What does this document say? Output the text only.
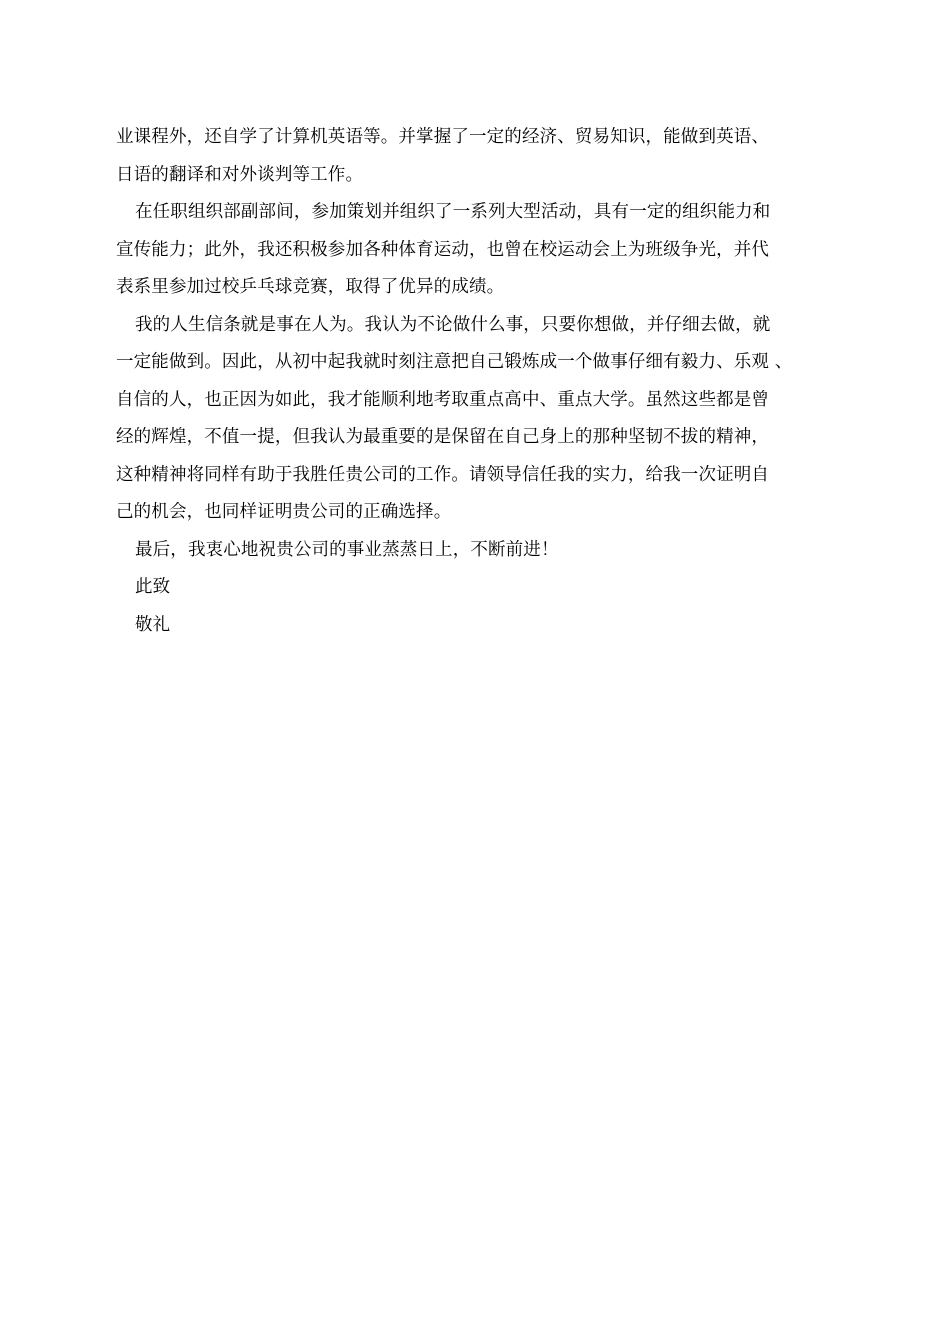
业课程外，还自学了计算机英语等。并掌握了一定的经济、贸易知识，能做到英语、
日语的翻译和对外谈判等工作。
在任职组织部副部间，参加策划并组织了一系列大型活动，具有一定的组织能力和
宣传能力；此外，我还积极参加各种体育运动，也曾在校运动会上为班级争光，并代
表系里参加过校乒乓球竞赛，取得了优异的成绩。
我的人生信条就是事在人为。我认为不论做什么事，只要你想做，并仔细去做，就
一定能做到。因此，从初中起我就时刻注意把自己锻炼成一个做事仔细有毅力、乐观 、
自信的人，也正因为如此，我才能顺利地考取重点高中、重点大学。虽然这些都是曾
经的辉煌，不值一提，但我认为最重要的是保留在自己身上的那种坚韧不拔的精神，
这种精神将同样有助于我胜任贵公司的工作。请领导信任我的实力，给我一次证明自
己的机会，也同样证明贵公司的正确选择。
最后，我衷心地祝贵公司的事业蒸蒸日上，不断前进！
此致
敬礼
